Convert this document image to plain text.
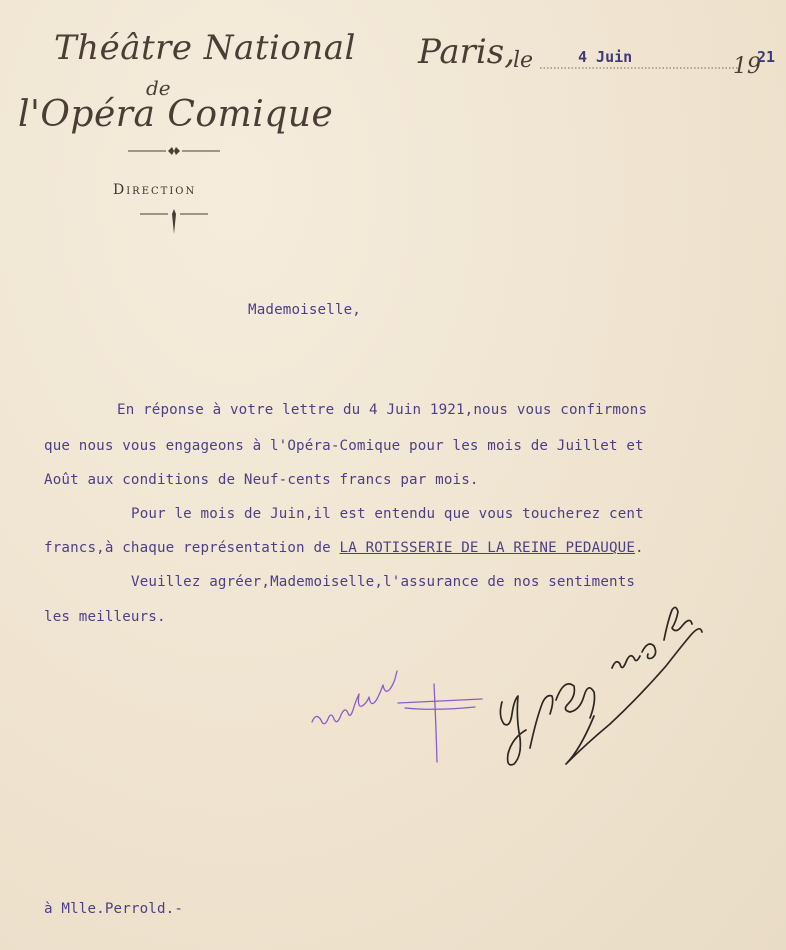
Théâtre National
de
l'Opéra Comique
Direction
Paris,
le	4 Juin	19
21
Mademoiselle,
En réponse à votre lettre du 4 Juin 1921,nous vous confirmons
que nous vous engageons à l'Opéra-Comique pour les mois de Juillet et
Août aux conditions de Neuf-cents francs par mois.
Pour le mois de Juin,il est entendu que vous toucherez cent
francs,à chaque représentation de LA ROTISSERIE DE LA REINE PEDAUQUE.
Veuillez agréer,Mademoiselle,l'assurance de nos sentiments
les meilleurs.
à Mlle.Perrold.-
